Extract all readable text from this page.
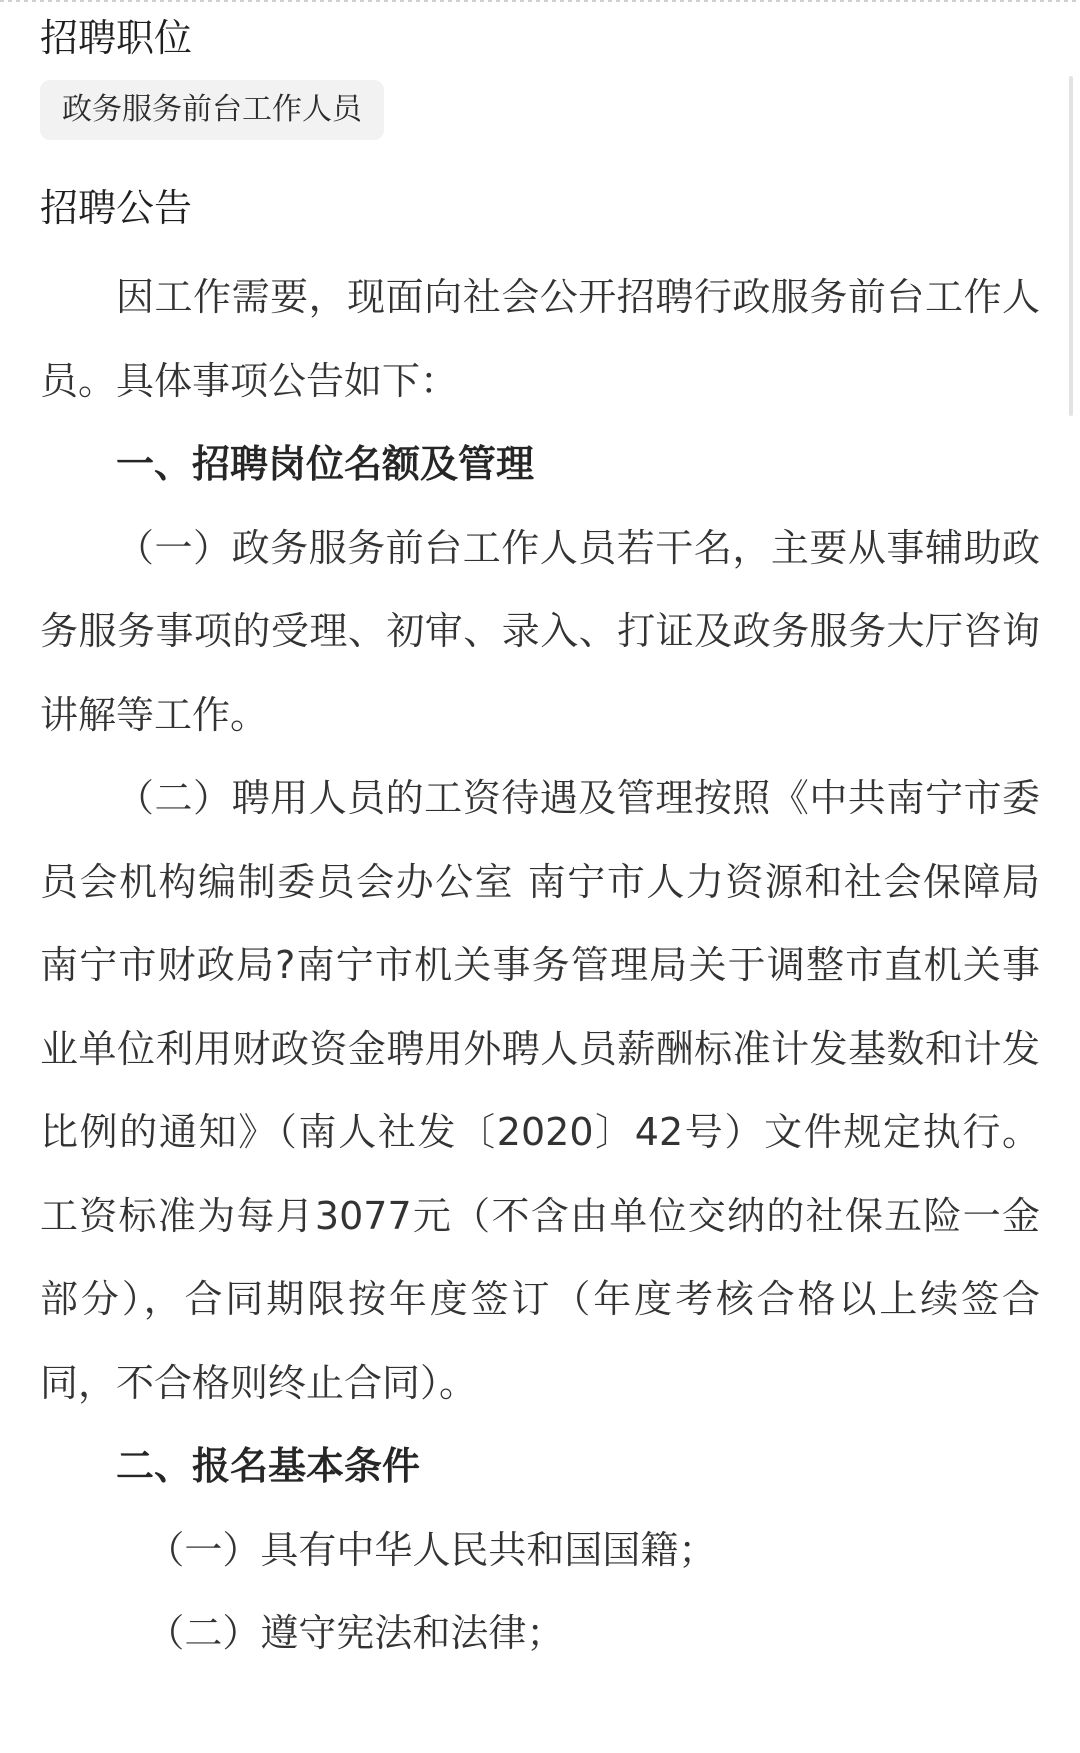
招聘职位
政务服务前台工作人员
招聘公告

因工作需要，现面向社会公开招聘行政服务前台工作人员。具体事项公告如下：

一、招聘岗位名额及管理

（一）政务服务前台工作人员若干名，主要从事辅助政务服务事项的受理、初审、录入、打证及政务服务大厅咨询讲解等工作。

（二）聘用人员的工资待遇及管理按照《中共南宁市委员会机构编制委员会办公室 南宁市人力资源和社会保障局 南宁市财政局?南宁市机关事务管理局关于调整市直机关事业单位利用财政资金聘用外聘人员薪酬标准计发基数和计发比例的通知》（南人社发〔2020〕42号）文件规定执行。工资标准为每月3077元（不含由单位交纳的社保五险一金部分），合同期限按年度签订（年度考核合格以上续签合同，不合格则终止合同）。

二、报名基本条件

（一）具有中华人民共和国国籍；

（二）遵守宪法和法律；
